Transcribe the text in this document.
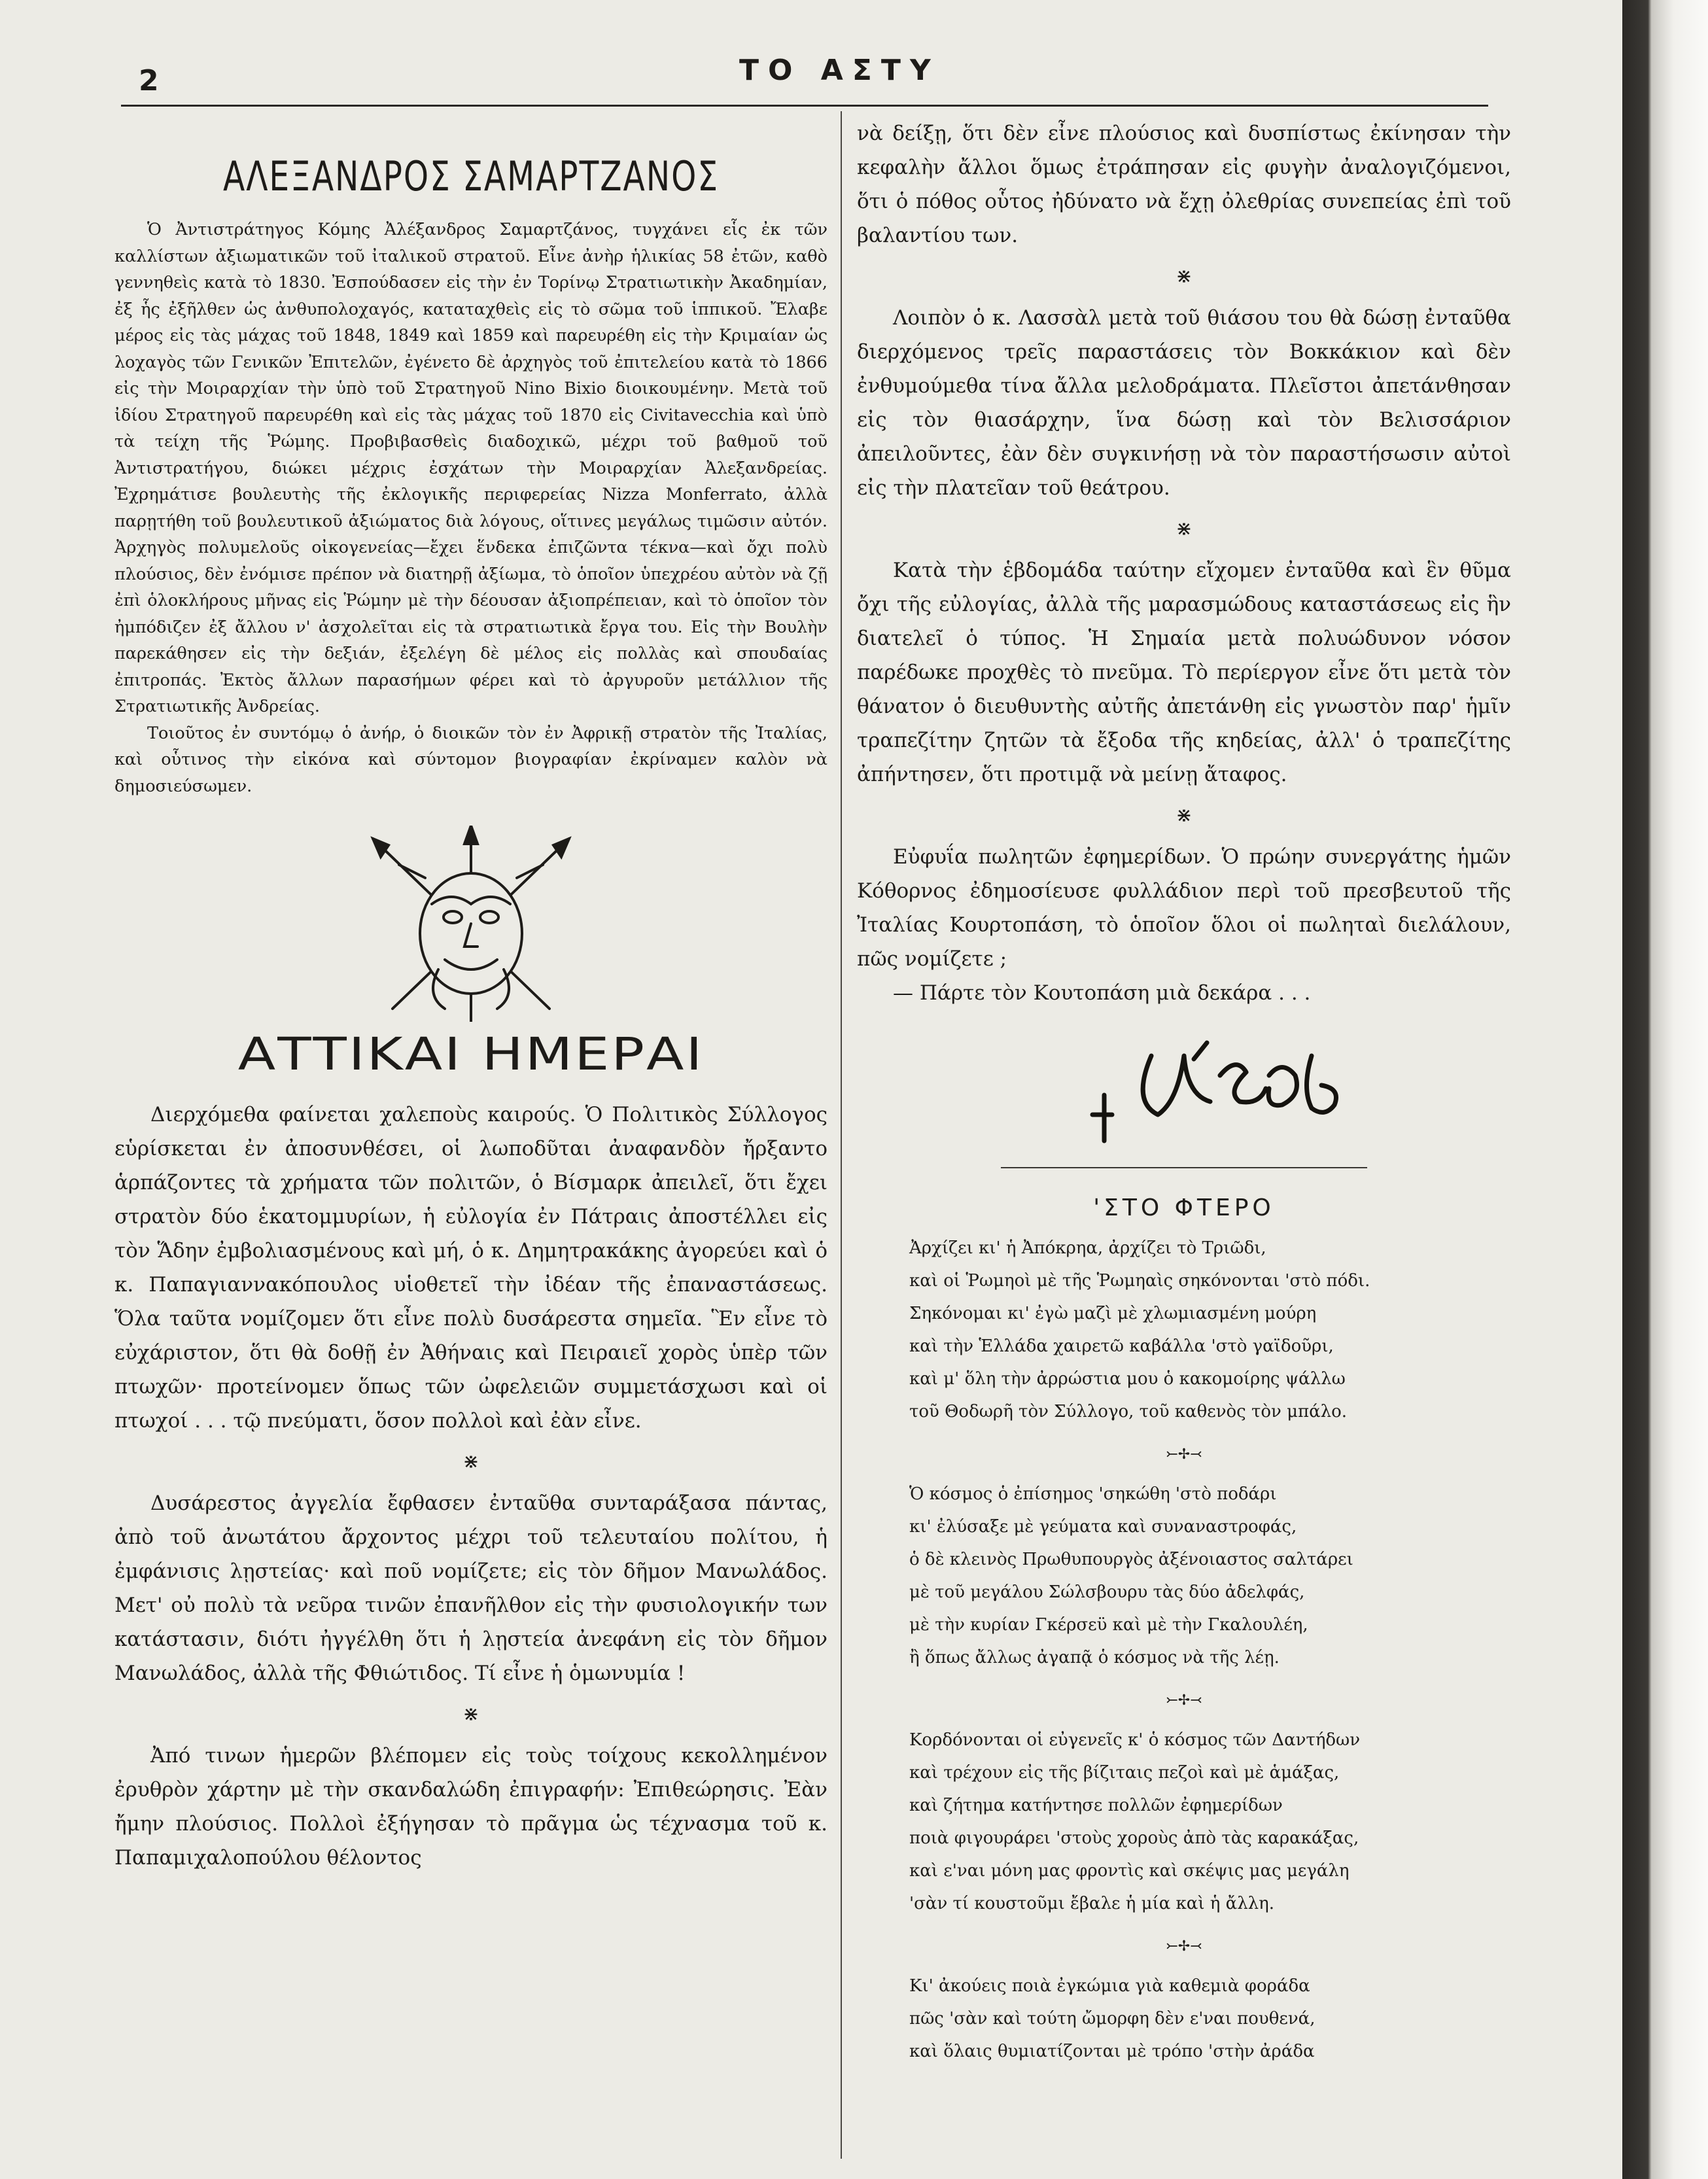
2	ΤΟ ΑΣΤΥ
ΑΛΕΞΑΝΔΡΟΣ ΣΑΜΑΡΤΖΑΝΟΣ

Ὁ Ἀντιστράτηγος Κόμης Ἀλέξανδρος Σαμαρτζάνος, τυγχάνει εἷς ἐκ τῶν καλλίστων ἀξιωματικῶν τοῦ ἰταλικοῦ στρατοῦ. Εἶνε ἀνὴρ ἡλικίας 58 ἐτῶν, καθὸ γεννηθεὶς κατὰ τὸ 1830. Ἐσπούδασεν εἰς τὴν ἐν Τορίνῳ Στρατιωτικὴν Ἀκαδημίαν, ἐξ ἧς ἐξῆλθεν ὡς ἀνθυπολοχαγός, καταταχθεὶς εἰς τὸ σῶμα τοῦ ἱππικοῦ. Ἔλαβε μέρος εἰς τὰς μάχας τοῦ 1848, 1849 καὶ 1859 καὶ παρευρέθη εἰς τὴν Κριμαίαν ὡς λοχαγὸς τῶν Γενικῶν Ἐπιτελῶν, ἐγένετο δὲ ἀρχηγὸς τοῦ ἐπιτελείου κατὰ τὸ 1866 εἰς τὴν Μοιραρχίαν τὴν ὑπὸ τοῦ Στρατηγοῦ Nino Bixio διοικουμένην. Μετὰ τοῦ ἰδίου Στρατηγοῦ παρευρέθη καὶ εἰς τὰς μάχας τοῦ 1870 εἰς Civitavecchia καὶ ὑπὸ τὰ τείχη τῆς Ῥώμης. Προβιβασθεὶς διαδοχικῶ, μέχρι τοῦ βαθμοῦ τοῦ Ἀντιστρατήγου, διώκει μέχρις ἐσχάτων τὴν Μοιραρχίαν Ἀλεξανδρείας. Ἐχρημάτισε βουλευτὴς τῆς ἐκλογικῆς περιφερείας Nizza Monferrato, ἀλλὰ παρῃτήθη τοῦ βουλευτικοῦ ἀξιώματος διὰ λόγους, οἵτινες μεγάλως τιμῶσιν αὐτόν. Ἀρχηγὸς πολυμελοῦς οἰκογενείας—ἔχει ἕνδεκα ἐπιζῶντα τέκνα—καὶ ὄχι πολὺ πλούσιος, δὲν ἐνόμισε πρέπον νὰ διατηρῇ ἀξίωμα, τὸ ὁποῖον ὑπεχρέου αὐτὸν νὰ ζῇ ἐπὶ ὁλοκλήρους μῆνας εἰς Ῥώμην μὲ τὴν δέουσαν ἀξιοπρέπειαν, καὶ τὸ ὁποῖον τὸν ἠμπόδιζεν ἐξ ἄλλου ν' ἀσχολεῖται εἰς τὰ στρατιωτικὰ ἔργα του. Εἰς τὴν Βουλὴν παρεκάθησεν εἰς τὴν δεξιάν, ἐξελέγη δὲ μέλος εἰς πολλὰς καὶ σπουδαίας ἐπιτροπάς. Ἐκτὸς ἄλλων παρασήμων φέρει καὶ τὸ ἀργυροῦν μετάλλιον τῆς Στρατιωτικῆς Ἀνδρείας.

Τοιοῦτος ἐν συντόμῳ ὁ ἀνήρ, ὁ διοικῶν τὸν ἐν Ἀφρικῇ στρατὸν τῆς Ἰταλίας, καὶ οὗτινος τὴν εἰκόνα καὶ σύντομον βιογραφίαν ἐκρίναμεν καλὸν νὰ δημοσιεύσωμεν.

ΑΤΤΙΚΑΙ ΗΜΕΡΑΙ

Διερχόμεθα φαίνεται χαλεποὺς καιρούς. Ὁ Πολιτικὸς Σύλλογος εὑρίσκεται ἐν ἀποσυνθέσει, οἱ λωποδῦται ἀναφανδὸν ἤρξαντο ἁρπάζοντες τὰ χρήματα τῶν πολιτῶν, ὁ Βίσμαρκ ἀπειλεῖ, ὅτι ἔχει στρατὸν δύο ἑκατομμυρίων, ἡ εὐλογία ἐν Πάτραις ἀποστέλλει εἰς τὸν Ἅδην ἐμβολιασμένους καὶ μή, ὁ κ. Δημητρακάκης ἀγορεύει καὶ ὁ κ. Παπαγιαννακόπουλος υἱοθετεῖ τὴν ἰδέαν τῆς ἐπαναστάσεως. Ὅλα ταῦτα νομίζομεν ὅτι εἶνε πολὺ δυσάρεστα σημεῖα. Ἓν εἶνε τὸ εὐχάριστον, ὅτι θὰ δοθῇ ἐν Ἀθήναις καὶ Πειραιεῖ χορὸς ὑπὲρ τῶν πτωχῶν· προτείνομεν ὅπως τῶν ὠφελειῶν συμμετάσχωσι καὶ οἱ πτωχοί . . . τῷ πνεύματι, ὅσον πολλοὶ καὶ ἐὰν εἶνε.

⋇

Δυσάρεστος ἀγγελία ἔφθασεν ἐνταῦθα συνταράξασα πάντας, ἀπὸ τοῦ ἀνωτάτου ἄρχοντος μέχρι τοῦ τελευταίου πολίτου, ἡ ἐμφάνισις λῃστείας· καὶ ποῦ νομίζετε; εἰς τὸν δῆμον Μανωλάδος. Μετ' οὐ πολὺ τὰ νεῦρα τινῶν ἐπανῆλθον εἰς τὴν φυσιολογικήν των κατάστασιν, διότι ἠγγέλθη ὅτι ἡ λῃστεία ἀνεφάνη εἰς τὸν δῆμον Μανωλάδος, ἀλλὰ τῆς Φθιώτιδος. Τί εἶνε ἡ ὁμωνυμία !

⋇

Ἀπό τινων ἡμερῶν βλέπομεν εἰς τοὺς τοίχους κεκολλημένον ἐρυθρὸν χάρτην μὲ τὴν σκανδαλώδη ἐπιγραφήν: Ἐπιθεώρησις. Ἐὰν ἤμην πλούσιος. Πολλοὶ ἐξήγησαν τὸ πρᾶγμα ὡς τέχνασμα τοῦ κ. Παπαμιχαλοπούλου θέλοντος

νὰ δείξῃ, ὅτι δὲν εἶνε πλούσιος καὶ δυσπίστως ἐκίνησαν τὴν κεφαλὴν ἄλλοι ὅμως ἐτράπησαν εἰς φυγὴν ἀναλογιζόμενοι, ὅτι ὁ πόθος οὗτος ἠδύνατο νὰ ἔχῃ ὀλεθρίας συνεπείας ἐπὶ τοῦ βαλαντίου των.

⋇

Λοιπὸν ὁ κ. Λασσὰλ μετὰ τοῦ θιάσου του θὰ δώσῃ ἐνταῦθα διερχόμενος τρεῖς παραστάσεις τὸν Βοκκάκιον καὶ δὲν ἐνθυμούμεθα τίνα ἄλλα μελοδράματα. Πλεῖστοι ἀπετάνθησαν εἰς τὸν θιασάρχην, ἵνα δώσῃ καὶ τὸν Βελισσάριον ἀπειλοῦντες, ἐὰν δὲν συγκινήσῃ νὰ τὸν παραστήσωσιν αὐτοὶ εἰς τὴν πλατεῖαν τοῦ θεάτρου.

⋇

Κατὰ τὴν ἑβδομάδα ταύτην εἴχομεν ἐνταῦθα καὶ ἓν θῦμα ὄχι τῆς εὐλογίας, ἀλλὰ τῆς μαρασμώδους καταστάσεως εἰς ἣν διατελεῖ ὁ τύπος. Ἡ Σημαία μετὰ πολυώδυνον νόσον παρέδωκε προχθὲς τὸ πνεῦμα. Τὸ περίεργον εἶνε ὅτι μετὰ τὸν θάνατον ὁ διευθυντὴς αὐτῆς ἀπετάνθη εἰς γνωστὸν παρ' ἡμῖν τραπεζίτην ζητῶν τὰ ἔξοδα τῆς κηδείας, ἀλλ' ὁ τραπεζίτης ἀπήντησεν, ὅτι προτιμᾷ νὰ μείνῃ ἄταφος.

⋇

Εὐφυΐα πωλητῶν ἐφημερίδων. Ὁ πρώην συνεργάτης ἡμῶν Κόθορνος ἐδημοσίευσε φυλλάδιον περὶ τοῦ πρεσβευτοῦ τῆς Ἰταλίας Κουρτοπάση, τὸ ὁποῖον ὅλοι οἱ πωληταὶ διελάλουν, πῶς νομίζετε ;

— Πάρτε τὸν Κουτοπάση μιὰ δεκάρα . . .

'ΣΤΟ ΦΤΕΡΟ

Ἀρχίζει κι' ἡ Ἀπόκρηα, ἀρχίζει τὸ Τριῶδι,
καὶ οἱ Ῥωμηοὶ μὲ τῆς Ῥωμηαὶς σηκόνονται 'στὸ πόδι.
Σηκόνομαι κι' ἐγὼ μαζὶ μὲ χλωμιασμένη μούρη
καὶ τὴν Ἑλλάδα χαιρετῶ καβάλλα 'στὸ γαϊδοῦρι,
καὶ μ' ὅλη τὴν ἀρρώστια μου ὁ κακομοίρης ψάλλω
τοῦ Θοδωρῆ τὸν Σύλλογο, τοῦ καθενὸς τὸν μπάλο.
⤚✢⤙
Ὁ κόσμος ὁ ἐπίσημος 'σηκώθη 'στὸ ποδάρι
κι' ἐλύσαξε μὲ γεύματα καὶ συναναστροφάς,
ὁ δὲ κλεινὸς Πρωθυπουργὸς ἀξένοιαστος σαλτάρει
μὲ τοῦ μεγάλου Σώλσβουρυ τὰς δύο ἀδελφάς,
μὲ τὴν κυρίαν Γκέρσεϋ καὶ μὲ τὴν Γκαλουλέη,
ἢ ὅπως ἄλλως ἀγαπᾷ ὁ κόσμος νὰ τῆς λέῃ.
⤚✢⤙
Κορδόνονται οἱ εὐγενεῖς κ' ὁ κόσμος τῶν Δαντήδων
καὶ τρέχουν εἰς τῆς βίζιταις πεζοὶ καὶ μὲ ἁμάξας,
καὶ ζήτημα κατήντησε πολλῶν ἐφημερίδων
ποιὰ φιγουράρει 'στοὺς χοροὺς ἀπὸ τὰς καρακάξας,
καὶ ε'ναι μόνη μας φροντὶς καὶ σκέψις μας μεγάλη
'σὰν τί κουστοῦμι ἔβαλε ἡ μία καὶ ἡ ἄλλη.
⤚✢⤙
Κι' ἀκούεις ποιὰ ἐγκώμια γιὰ καθεμιὰ φοράδα
πῶς 'σὰν καὶ τούτη ὤμορφη δὲν ε'ναι πουθενά,
καὶ ὅλαις θυμιατίζονται μὲ τρόπο 'στὴν ἀράδα
